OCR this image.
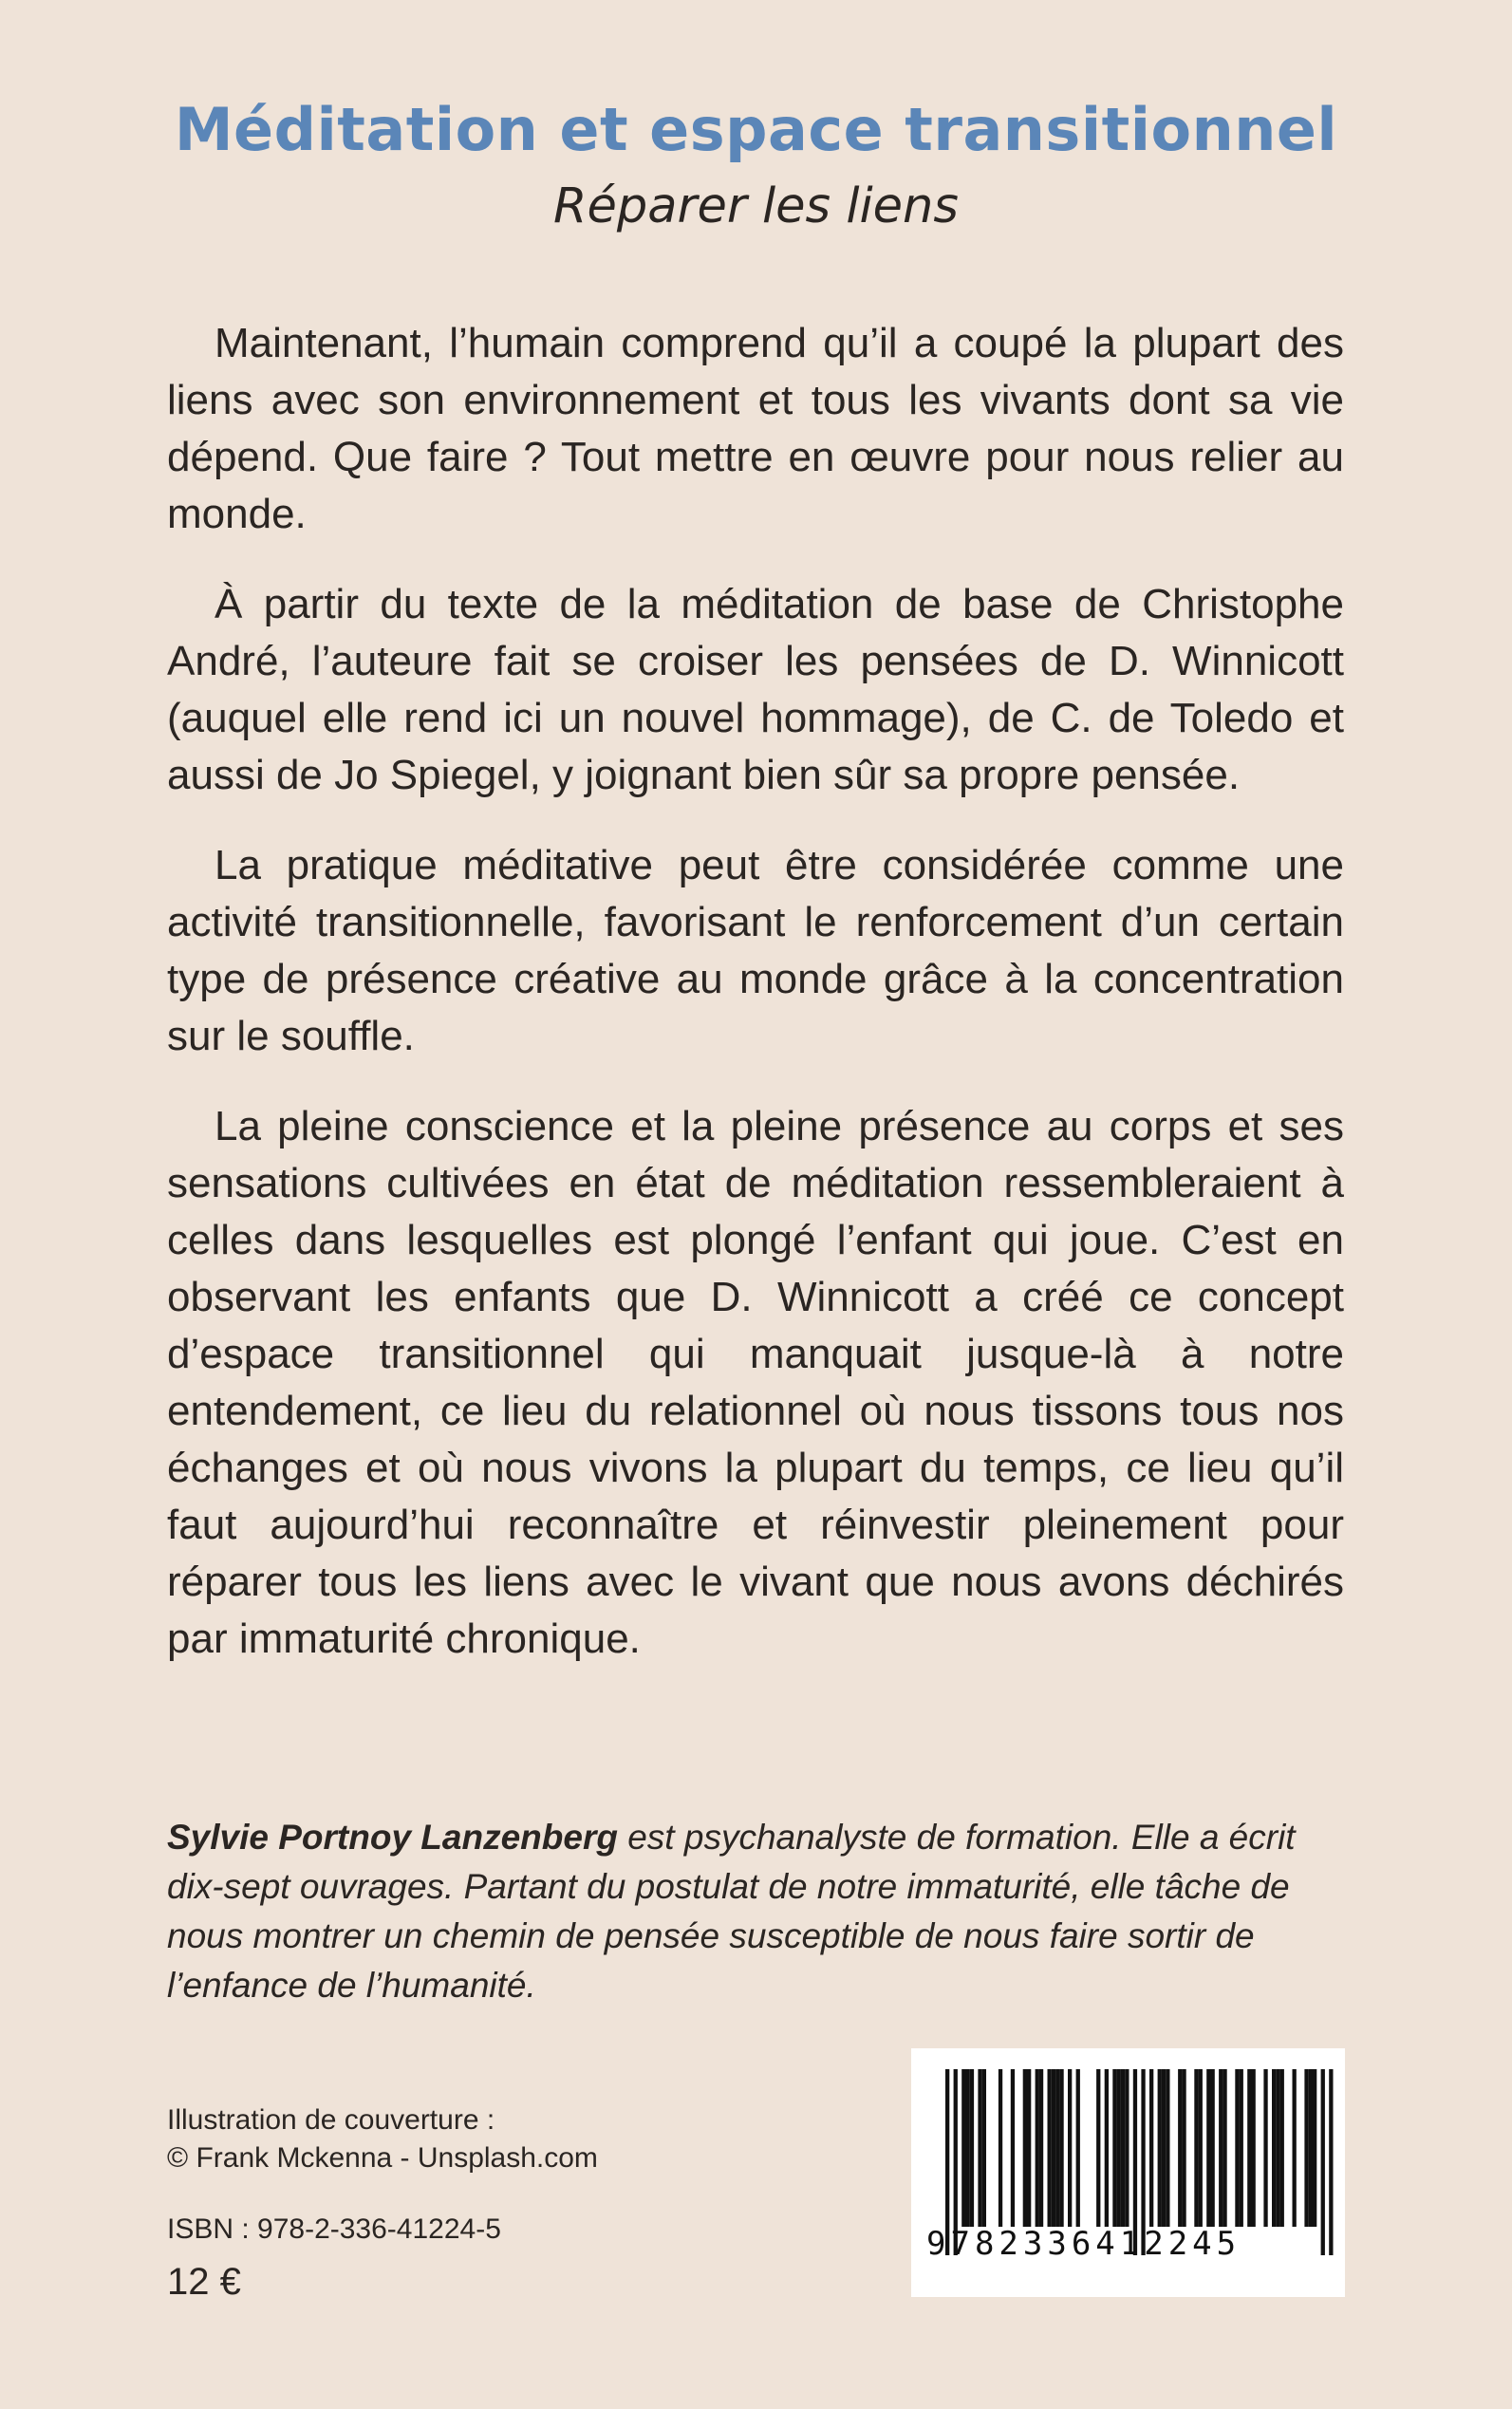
Méditation et espace transitionnel
Réparer les liens

Maintenant, l’humain comprend qu’il a coupé la plupart des liens avec son environnement et tous les vivants dont sa vie dépend. Que faire ? Tout mettre en œuvre pour nous relier au monde.

À partir du texte de la méditation de base de Christophe André, l’auteure fait se croiser les pensées de D. Winnicott (auquel elle rend ici un nouvel hommage), de C. de Toledo et aussi de Jo Spiegel, y joignant bien sûr sa propre pensée.

La pratique méditative peut être considérée comme une activité transitionnelle, favorisant le renforcement d’un certain type de présence créative au monde grâce à la concentration sur le souffle.

La pleine conscience et la pleine présence au corps et ses sensations cultivées en état de méditation ressembleraient à celles dans lesquelles est plongé l’enfant qui joue. C’est en observant les enfants que D. Winnicott a créé ce concept d’espace transitionnel qui manquait jusque-là à notre entendement, ce lieu du relationnel où nous tissons tous nos échanges et où nous vivons la plupart du temps, ce lieu qu’il faut aujourd’hui reconnaître et réinvestir pleinement pour réparer tous les liens avec le vivant que nous avons déchirés par immaturité chronique.

Sylvie Portnoy Lanzenberg est psychanalyste de formation. Elle a écrit dix-sept ouvrages. Partant du postulat de notre immaturité, elle tâche de nous montrer un chemin de pensée susceptible de nous faire sortir de l’enfance de l’humanité.
Illustration de couverture :
© Frank Mckenna - Unsplash.com
ISBN : 978-2-336-41224-5
12 €
9782336412245
